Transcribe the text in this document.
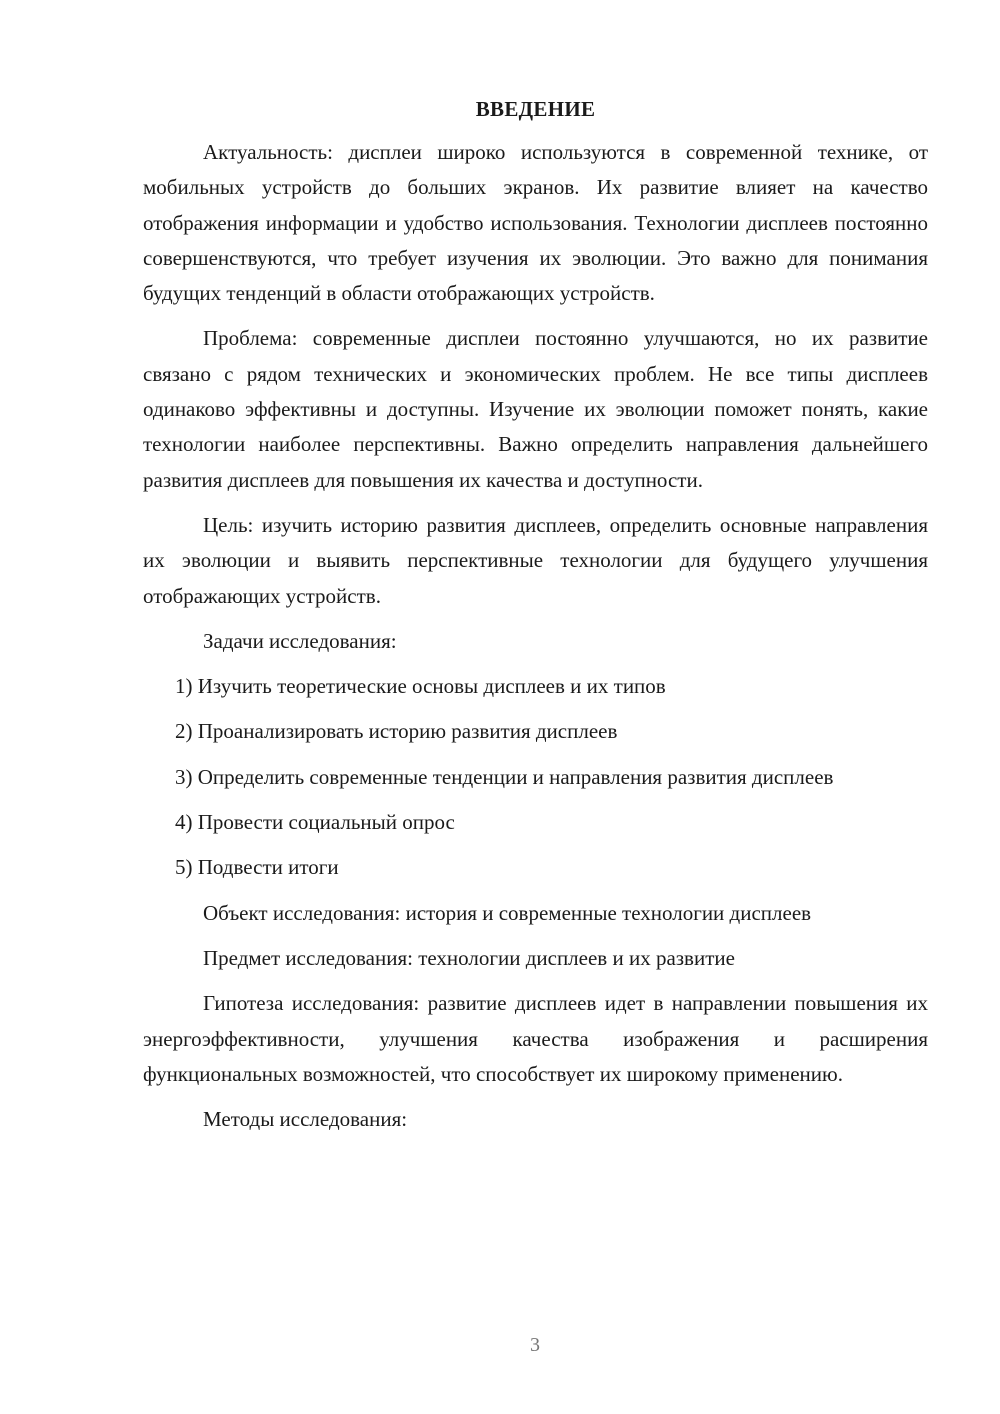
ВВЕДЕНИЕ

Актуальность: дисплеи широко используются в современной технике, от мобильных устройств до больших экранов. Их развитие влияет на качество отображения информации и удобство использования. Технологии дисплеев постоянно совершенствуются, что требует изучения их эволюции. Это важно для понимания будущих тенденций в области отображающих устройств.

Проблема: современные дисплеи постоянно улучшаются, но их развитие связано с рядом технических и экономических проблем. Не все типы дисплеев одинаково эффективны и доступны. Изучение их эволюции поможет понять, какие технологии наиболее перспективны. Важно определить направления дальнейшего развития дисплеев для повышения их качества и доступности.

Цель: изучить историю развития дисплеев, определить основные направления их эволюции и выявить перспективные технологии для будущего улучшения отображающих устройств.

Задачи исследования:

1) Изучить теоретические основы дисплеев и их типов

2) Проанализировать историю развития дисплеев

3) Определить современные тенденции и направления развития дисплеев

4) Провести социальный опрос

5) Подвести итоги

Объект исследования: история и современные технологии дисплеев

Предмет исследования: технологии дисплеев и их развитие

Гипотеза исследования: развитие дисплеев идет в направлении повышения их энергоэффективности, улучшения качества изображения и расширения функциональных возможностей, что способствует их широкому применению.

Методы исследования:

3
